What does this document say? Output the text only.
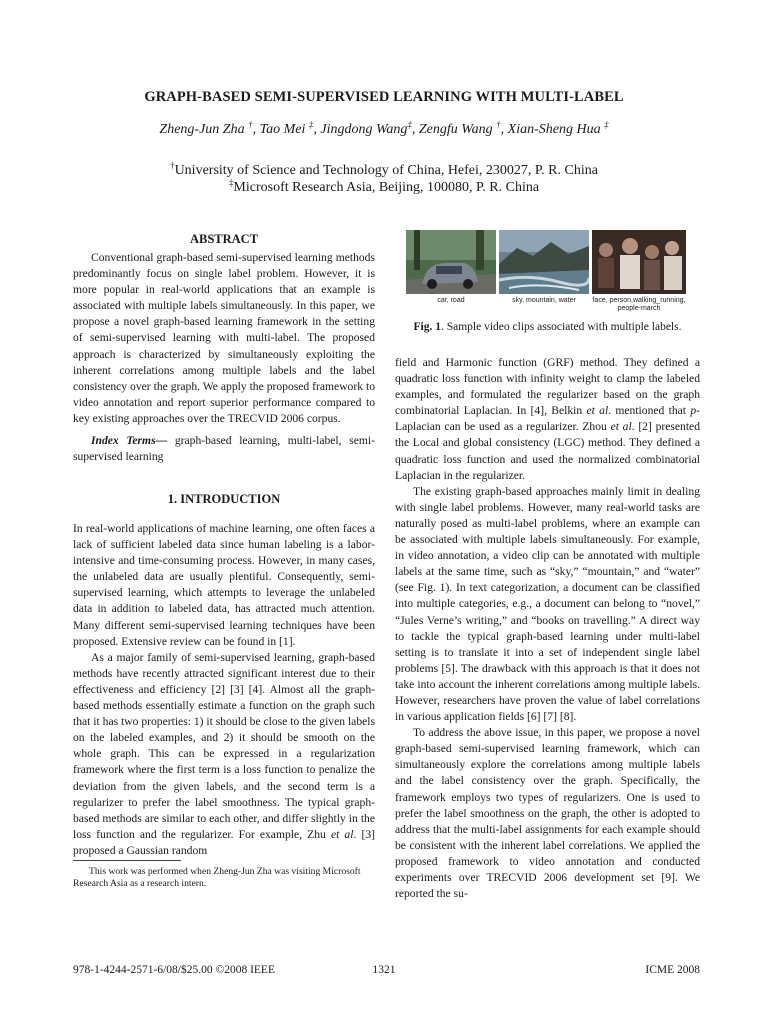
GRAPH-BASED SEMI-SUPERVISED LEARNING WITH MULTI-LABEL
Zheng-Jun Zha †, Tao Mei ‡, Jingdong Wang‡, Zengfu Wang †, Xian-Sheng Hua ‡
†University of Science and Technology of China, Hefei, 230027, P. R. China
‡Microsoft Research Asia, Beijing, 100080, P. R. China
ABSTRACT

Conventional graph-based semi-supervised learning methods predominantly focus on single label problem. However, it is more popular in real-world applications that an example is associated with multiple labels simultaneously. In this paper, we propose a novel graph-based learning framework in the setting of semi-supervised learning with multi-label. The proposed approach is characterized by simultaneously exploiting the inherent correlations among multiple labels and the label consistency over the graph. We apply the proposed framework to video annotation and report superior performance compared to key existing approaches over the TRECVID 2006 corpus.

Index Terms— graph-based learning, multi-label, semi-supervised learning

1. INTRODUCTION

In real-world applications of machine learning, one often faces a lack of sufficient labeled data since human labeling is a labor-intensive and time-consuming process. However, in many cases, the unlabeled data are usually plentiful. Consequently, semi-supervised learning, which attempts to leverage the unlabeled data in addition to labeled data, has attracted much attention. Many different semi-supervised learning techniques have been proposed. Extensive review can be found in [1].

As a major family of semi-supervised learning, graph-based methods have recently attracted significant interest due to their effectiveness and efficiency [2] [3] [4]. Almost all the graph-based methods essentially estimate a function on the graph such that it has two properties: 1) it should be close to the given labels on the labeled examples, and 2) it should be smooth on the whole graph. This can be expressed in a regularization framework where the first term is a loss function to penalize the deviation from the given labels, and the second term is a regularizer to prefer the label smoothness. The typical graph-based methods are similar to each other, and differ slightly in the loss function and the regularizer. For example, Zhu et al. [3] proposed a Gaussian random

This work was performed when Zheng-Jun Zha was visiting Microsoft Research Asia as a research intern.
car, road	sky, mountain, water	face, person,walking_running, people-march
Fig. 1. Sample video clips associated with multiple labels.

field and Harmonic function (GRF) method. They defined a quadratic loss function with infinity weight to clamp the labeled examples, and formulated the regularizer based on the graph combinatorial Laplacian. In [4], Belkin et al. mentioned that p-Laplacian can be used as a regularizer. Zhou et al. [2] presented the Local and global consistency (LGC) method. They defined a quadratic loss function and used the normalized combinatorial Laplacian in the regularizer.

The existing graph-based approaches mainly limit in dealing with single label problems. However, many real-world tasks are naturally posed as multi-label problems, where an example can be associated with multiple labels simultaneously. For example, in video annotation, a video clip can be annotated with multiple labels at the same time, such as “sky,” “mountain,” and “water” (see Fig. 1). In text categorization, a document can be classified into multiple categories, e.g., a document can belong to “novel,” “Jules Verne’s writing,” and “books on travelling.” A direct way to tackle the typical graph-based learning under multi-label setting is to translate it into a set of independent single label problems [5]. The drawback with this approach is that it does not take into account the inherent correlations among multiple labels. However, researchers have proven the value of label correlations in various application fields [6] [7] [8].

To address the above issue, in this paper, we propose a novel graph-based semi-supervised learning framework, which can simultaneously explore the correlations among multiple labels and the label consistency over the graph. Specifically, the framework employs two types of regularizers. One is used to prefer the label smoothness on the graph, the other is adopted to address that the multi-label assignments for each example should be consistent with the inherent label correlations. We applied the proposed framework to video annotation and conducted experiments over TRECVID 2006 development set [9]. We reported the su-

978-1-4244-2571-6/08/$25.00 ©2008 IEEE	1321	ICME 2008
